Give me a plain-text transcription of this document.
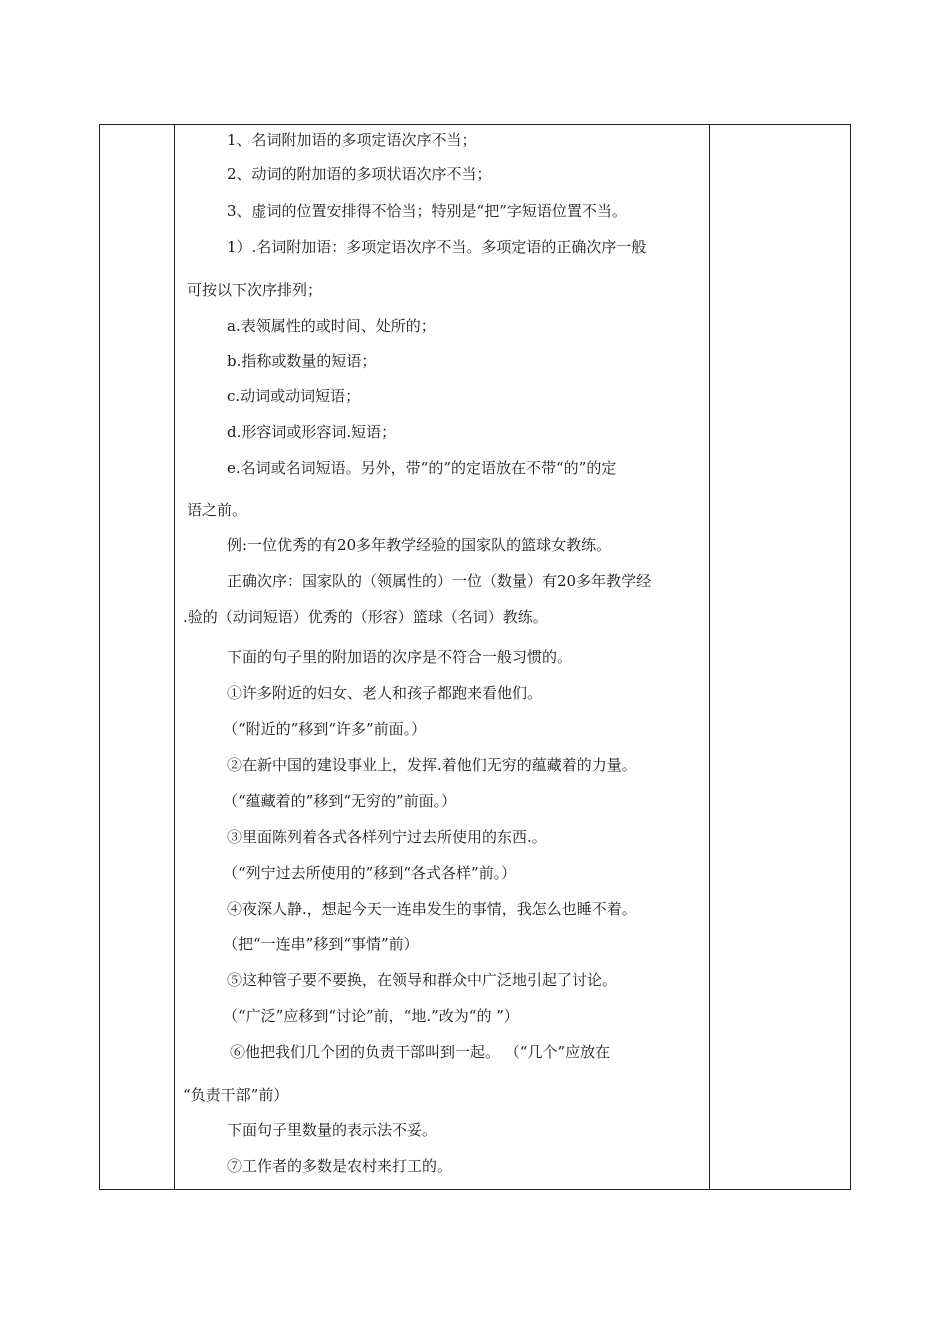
1、名词附加语的多项定语次序不当；
2、动词的附加语的多项状语次序不当；
3、虚词的位置安排得不恰当；特别是“把”字短语位置不当。
1）.名词附加语：多项定语次序不当。多项定语的正确次序一般
可按以下次序排列；
a.表领属性的或时间、处所的；
b.指称或数量的短语；
c.动词或动词短语；
d.形容词或形容词.短语；
e.名词或名词短语。另外，带“的”的定语放在不带“的”的定
语之前。
例:一位优秀的有20多年教学经验的国家队的篮球女教练。
正确次序：国家队的（领属性的）一位（数量）有20多年教学经
.验的（动词短语）优秀的（形容）篮球（名词）教练。
下面的句子里的附加语的次序是不符合一般习惯的。
①许多附近的妇女、老人和孩子都跑来看他们。
（“附近的”移到“许多”前面。）
②在新中国的建设事业上，发挥.着他们无穷的蕴藏着的力量。
（“蕴藏着的”移到“无穷的”前面。）
③里面陈列着各式各样列宁过去所使用的东西.。
（“列宁过去所使用的”移到“各式各样”前。）
④夜深人静.，想起今天一连串发生的事情，我怎么也睡不着。
（把“一连串”移到“事情”前）
⑤这种管子要不要换，在领导和群众中广泛地引起了讨论。
（“广泛”应移到“讨论”前，“地.”改为“的 ”）
⑥他把我们几个团的负责干部叫到一起。 （“几个”应放在
“负责干部”前）
下面句子里数量的表示法不妥。
⑦工作者的多数是农村来打工的。
